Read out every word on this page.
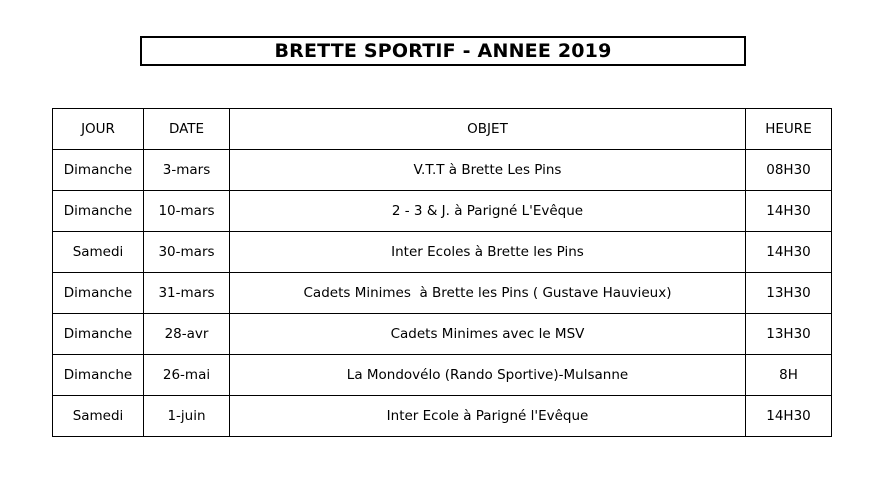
BRETTE SPORTIF - ANNEE 2019
JOUR	DATE	OBJET	HEURE
Dimanche	3-mars	V.T.T à Brette Les Pins	08H30
Dimanche	10-mars	2 - 3 & J. à Parigné L'Evêque	14H30
Samedi	30-mars	Inter Ecoles à Brette les Pins	14H30
Dimanche	31-mars	Cadets Minimes  à Brette les Pins ( Gustave Hauvieux)	13H30
Dimanche	28-avr	Cadets Minimes avec le MSV	13H30
Dimanche	26-mai	La Mondovélo (Rando Sportive)-Mulsanne	8H
Samedi	1-juin	Inter Ecole à Parigné l'Evêque	14H30
